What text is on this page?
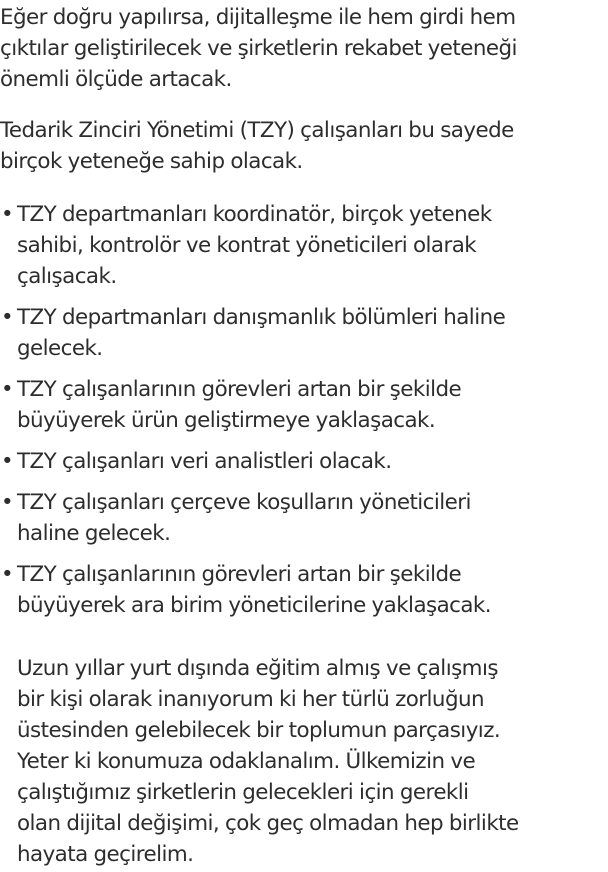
Eğer doğru yapılırsa, dijitalleşme ile hem girdi hem
çıktılar geliştirilecek ve şirketlerin rekabet yeteneği
önemli ölçüde artacak.
Tedarik Zinciri Yönetimi (TZY) çalışanları bu sayede
birçok yeteneğe sahip olacak.
• TZY departmanları koordinatör, birçok yetenek
sahibi, kontrolör ve kontrat yöneticileri olarak
çalışacak.
• TZY departmanları danışmanlık bölümleri haline
gelecek.
• TZY çalışanlarının görevleri artan bir şekilde
büyüyerek ürün geliştirmeye yaklaşacak.
• TZY çalışanları veri analistleri olacak.
• TZY çalışanları çerçeve koşulların yöneticileri
haline gelecek.
• TZY çalışanlarının görevleri artan bir şekilde
büyüyerek ara birim yöneticilerine yaklaşacak.
Uzun yıllar yurt dışında eğitim almış ve çalışmış
bir kişi olarak inanıyorum ki her türlü zorluğun
üstesinden gelebilecek bir toplumun parçasıyız.
Yeter ki konumuza odaklanalım. Ülkemizin ve
çalıştığımız şirketlerin gelecekleri için gerekli
olan dijital değişimi, çok geç olmadan hep birlikte
hayata geçirelim.
